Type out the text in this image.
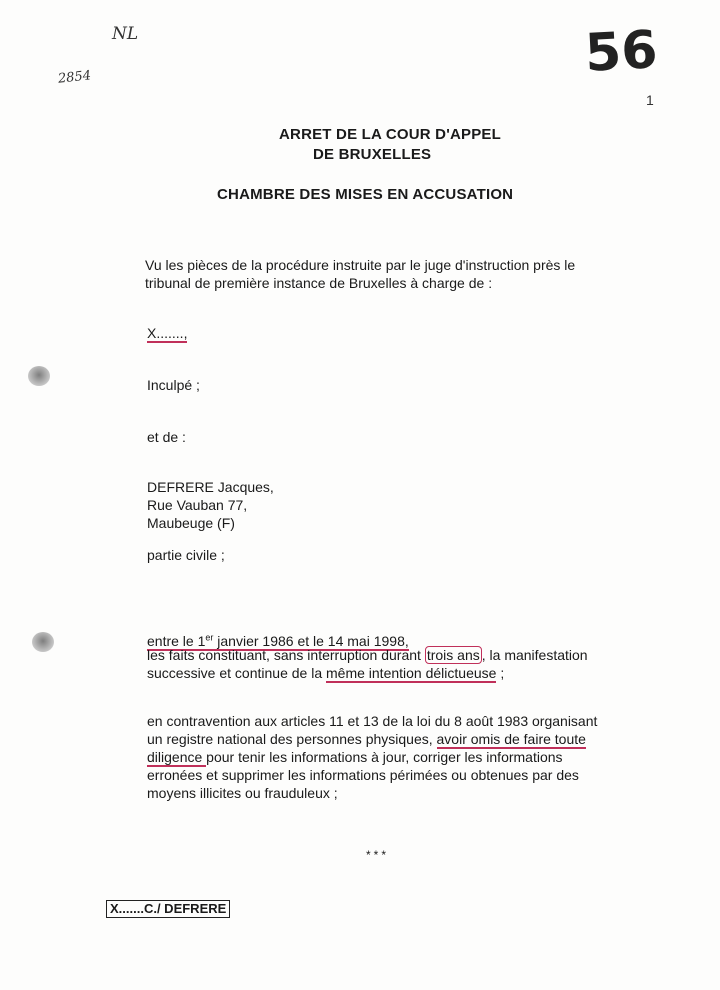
NL
2854	56
1

ARRET DE LA COUR D'APPEL

DE BRUXELLES

CHAMBRE DES MISES EN ACCUSATION

Vu les pièces de la procédure instruite par le juge d'instruction près le

tribunal de première instance de Bruxelles à charge de :

X.......,

Inculpé ;

et de :

DEFRERE Jacques,

Rue Vauban 77,

Maubeuge (F)

partie civile ;

entre le 1er janvier 1986 et le 14 mai 1998,

les faits constituant, sans interruption durant trois ans , la manifestation

successive et continue de la même intention délictueuse ;

en contravention aux articles 11 et 13 de la loi du 8 août 1983 organisant

un registre national des personnes physiques, avoir omis de faire toute

diligence pour tenir les informations à jour, corriger les informations

erronées et supprimer les informations périmées ou obtenues par des

moyens illicites ou frauduleux ;

***
X.......C./ DEFRERE
